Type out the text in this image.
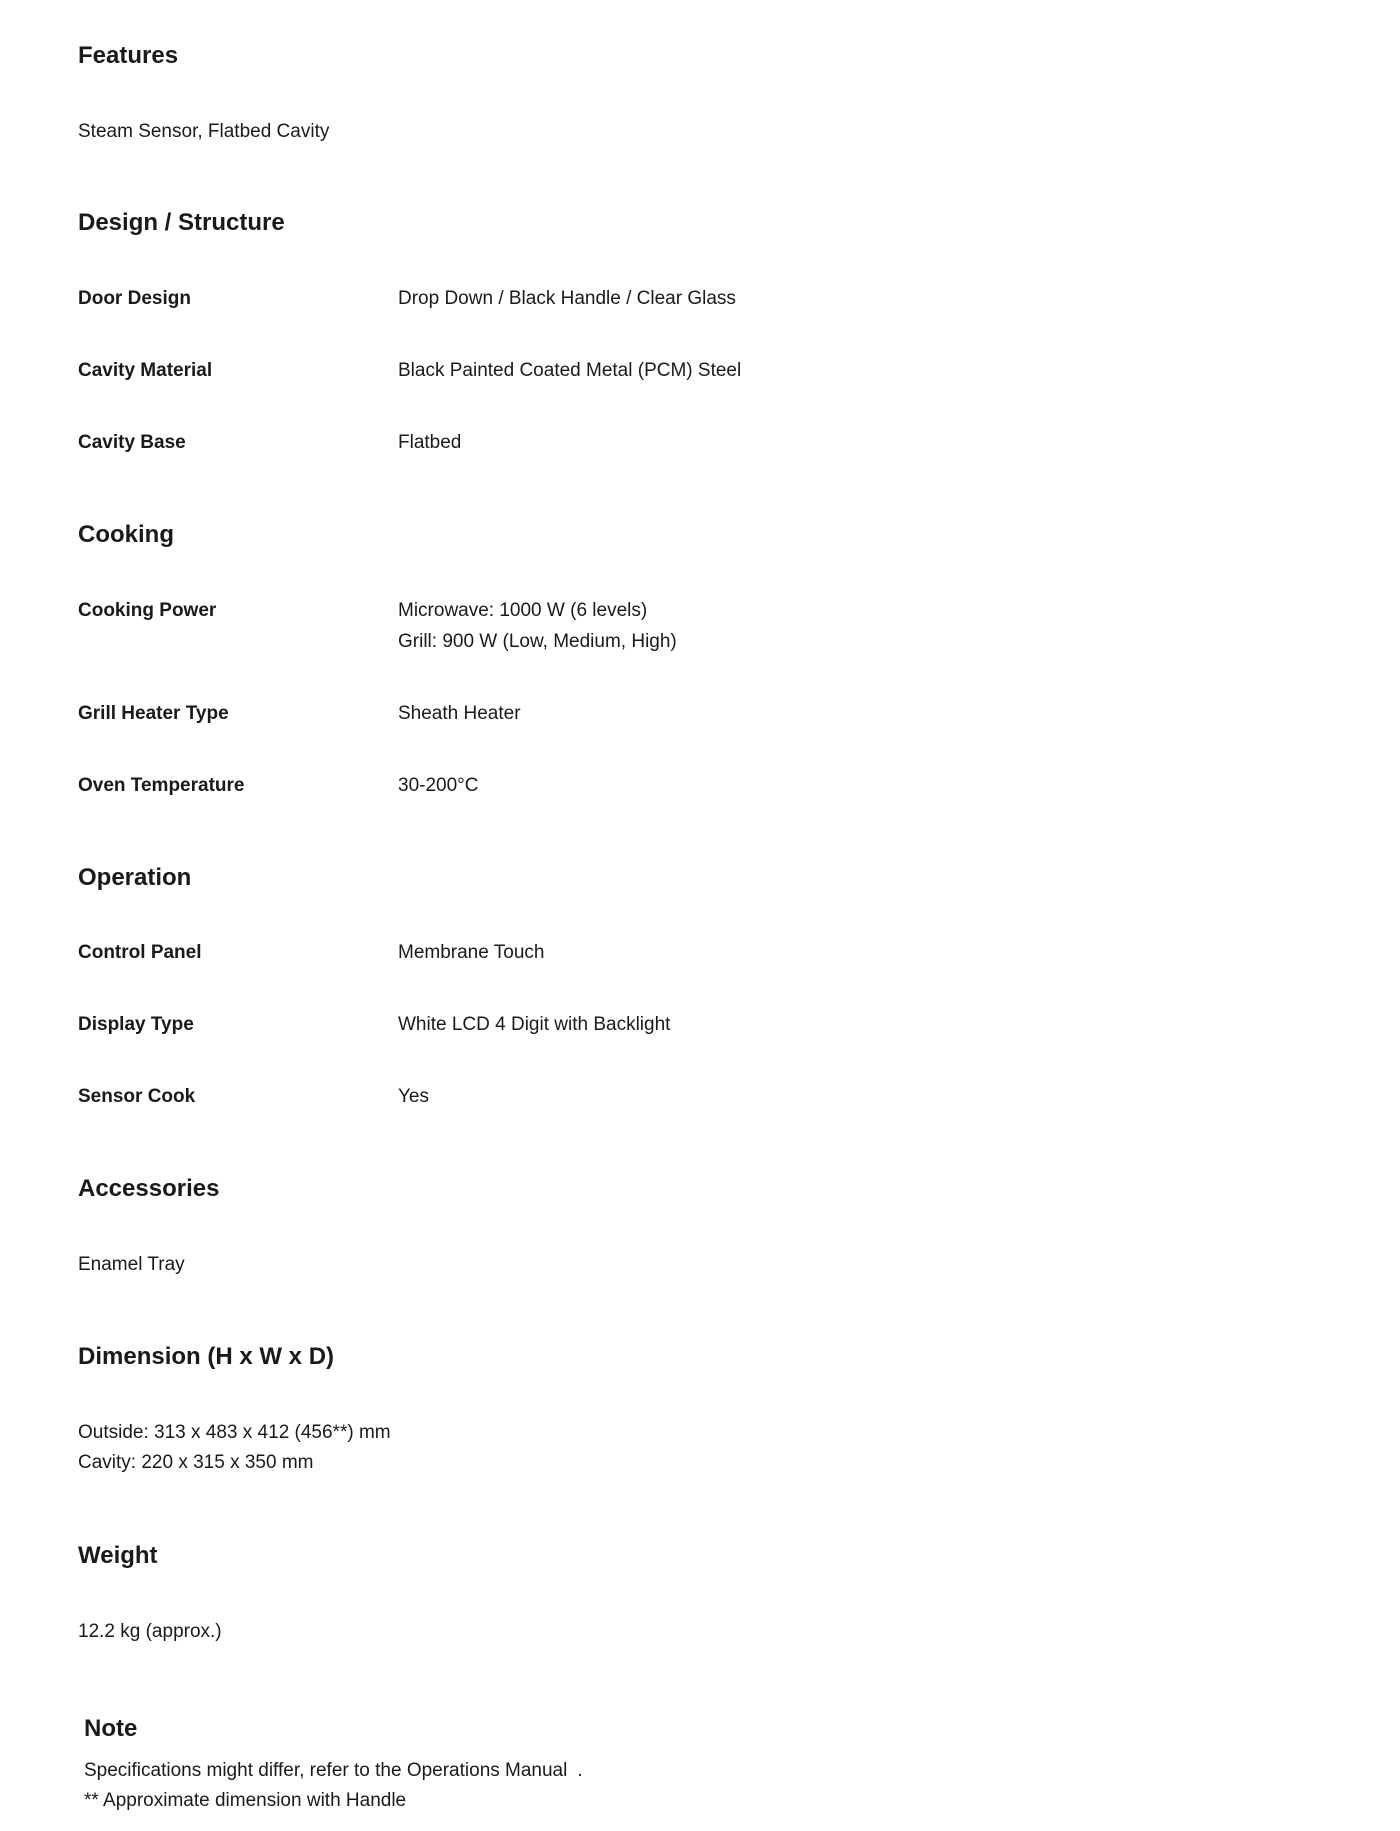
Features
Steam Sensor, Flatbed Cavity
Design / Structure
Door Design	Drop Down / Black Handle / Clear Glass
Cavity Material	Black Painted Coated Metal (PCM) Steel
Cavity Base	Flatbed
Cooking
Cooking Power	Microwave: 1000 W (6 levels)
Grill: 900 W (Low, Medium, High)
Grill Heater Type	Sheath Heater
Oven Temperature	30-200°C
Operation
Control Panel	Membrane Touch
Display Type	White LCD 4 Digit with Backlight
Sensor Cook	Yes
Accessories
Enamel Tray
Dimension (H x W x D)
Outside: 313 x 483 x 412 (456**) mm
Cavity: 220 x 315 x 350 mm
Weight
12.2 kg (approx.)
Note
Specifications might differ, refer to the Operations Manual .
** Approximate dimension with Handle
